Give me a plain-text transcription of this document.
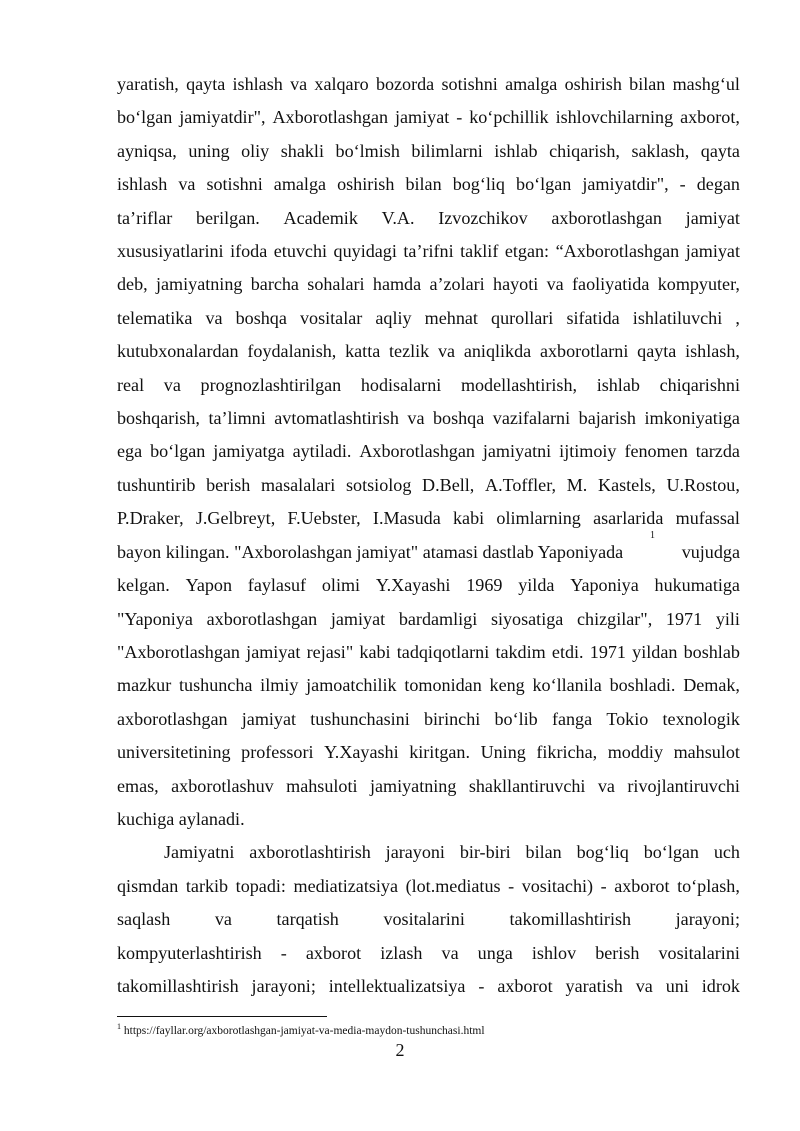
yaratish, qayta ishlash va xalqaro bozorda sotishni amalga oshirish bilan mashg‘ul
bo‘lgan jamiyatdir", Axborotlashgan jamiyat - ko‘pchillik ishlovchilarning axborot,
ayniqsa, uning oliy shakli bo‘lmish bilimlarni ishlab chiqarish, saklash, qayta
ishlash va sotishni amalga oshirish bilan bog‘liq bo‘lgan jamiyatdir", - degan
ta’riflar berilgan. Academik V.A. Izvozchikov axborotlashgan jamiyat
xususiyatlarini ifoda etuvchi quyidagi ta’rifni taklif etgan: “Axborotlashgan jamiyat
deb, jamiyatning barcha sohalari hamda a’zolari hayoti va faoliyatida kompyuter,
telematika va boshqa vositalar aqliy mehnat qurollari sifatida ishlatiluvchi ,
kutubxonalardan foydalanish, katta tezlik va aniqlikda axborotlarni qayta ishlash,
real va prognozlashtirilgan hodisalarni modellashtirish, ishlab chiqarishni
boshqarish, ta’limni avtomatlashtirish va boshqa vazifalarni bajarish imkoniyatiga
ega bo‘lgan jamiyatga aytiladi. Axborotlashgan jamiyatni ijtimoiy fenomen tarzda
tushuntirib berish masalalari sotsiolog D.Bell, A.Toffler, M. Kastels, U.Rostou,
P.Draker, J.Gelbreyt, F.Uebster, I.Masuda kabi olimlarning asarlarida mufassal
bayon kilingan. "Axborolashgan jamiyat" atamasi dastlab Yaponiyada
1
vujudga
kelgan. Yapon faylasuf olimi Y.Xayashi 1969 yilda Yaponiya hukumatiga
"Yaponiya axborotlashgan jamiyat bardamligi siyosatiga chizgilar", 1971 yili
"Axborotlashgan jamiyat rejasi" kabi tadqiqotlarni takdim etdi. 1971 yildan boshlab
mazkur tushuncha ilmiy jamoatchilik tomonidan keng ko‘llanila boshladi. Demak,
axborotlashgan jamiyat tushunchasini birinchi bo‘lib fanga Tokio texnologik
universitetining professori Y.Xayashi kiritgan. Uning fikricha, moddiy mahsulot
emas, axborotlashuv mahsuloti jamiyatning shakllantiruvchi va rivojlantiruvchi
kuchiga aylanadi.
Jamiyatni axborotlashtirish jarayoni bir-biri bilan bog‘liq bo‘lgan uch
qismdan tarkib topadi: mediatizatsiya (lot.mediatus - vositachi) - axborot to‘plash,
saqlash va tarqatish vositalarini takomillashtirish jarayoni;
kompyuterlashtirish - axborot izlash va unga ishlov berish vositalarini
takomillashtirish jarayoni; intellektualizatsiya - axborot yaratish va uni idrok
$^1$ https://fayllar.org/axborotlashgan-jamiyat-va-media-maydon-tushunchasi.html
2
